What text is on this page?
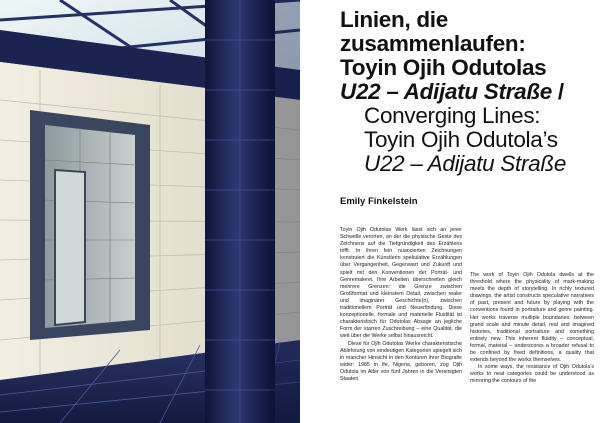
Linien, die
zusammenlaufen:
Toyin Ojih Odutolas
U22 – Adijatu Straße /
Converging Lines:
Toyin Ojih Odutola’s
U22 – Adijatu Straße

Emily Finkelstein

Toyin Ojih Odutolas Werk lässt sich an jener Schwelle verorten, an der die physische Geste des Zeichnens auf die Tiefgründigkeit des Erzählens trifft. In ihren fein nuancierten Zeichnungen konstruiert die Künstlerin spekulative Erzählungen über Vergangenheit, Gegenwart und Zukunft und spielt mit den Konventionen der Porträt- und Genremalerei. Ihre Arbeiten überschreiten gleich mehrere Grenzen: die Grenze zwischen Großformat und kleinstem Detail, zwischen realer und imaginärer Geschichte(n), zwischen traditionellem Porträt und Neuerfindung. Diese konzeptionelle, formale und materielle Fluidität ist charakteristisch für Odutolas Absage an jegliche Form der starren Zuschreibung – eine Qualität, die weit über die Werke selbst hinausreicht.

Diese für Ojih Odutolas Werke charakteristische Ablehnung von eindeutigen Kategorien spiegelt sich in mancher Hinsicht in den Konturen ihrer Biografie wider: 1985 in Ife, Nigeria, geboren, zog Ojih Odutola im Alter von fünf Jahren in die Vereinigten Staaten

The work of Toyin Ojih Odutola dwells at the threshold where the physicality of mark-making meets the depth of storytelling. In richly textured drawings, the artist constructs speculative narratives of past, present and future by playing with the conventions found in portraiture and genre painting. Her works traverse multiple boundaries: between grand scale and minute detail, real and imagined histories, traditional portraiture and something entirely new. This inherent fluidity – conceptual, formal, material – underscores a broader refusal to be confined by fixed definitions, a quality that extends beyond the works themselves.

In some ways, the resistance of Ojih Odutola’s works to neat categories could be understood as mirroring the contours of the
